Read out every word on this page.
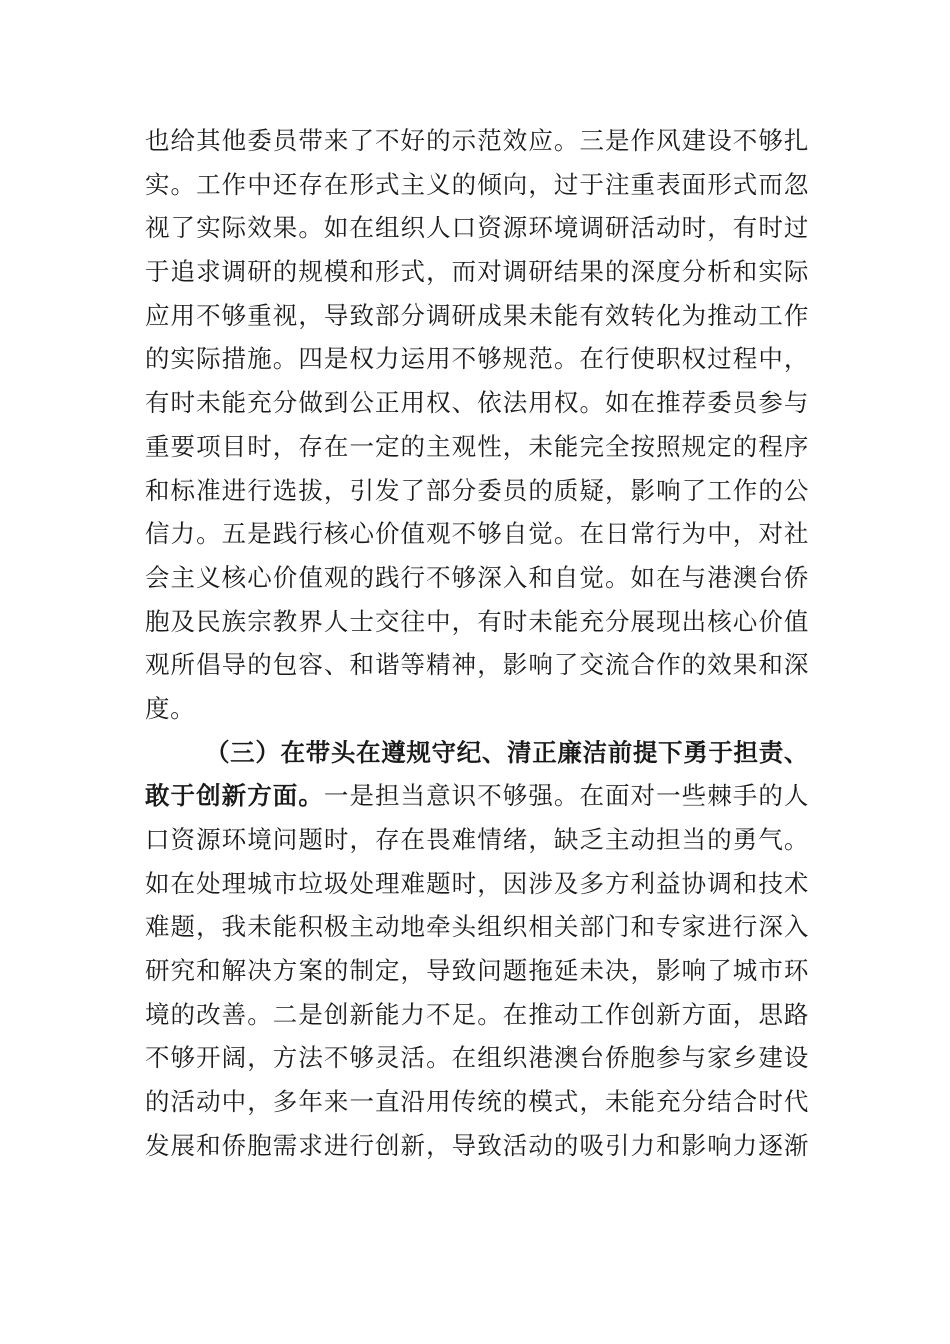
也给其他委员带来了不好的示范效应。三是作风建设不够扎
实。工作中还存在形式主义的倾向，过于注重表面形式而忽
视了实际效果。如在组织人口资源环境调研活动时，有时过
于追求调研的规模和形式，而对调研结果的深度分析和实际
应用不够重视，导致部分调研成果未能有效转化为推动工作
的实际措施。四是权力运用不够规范。在行使职权过程中，
有时未能充分做到公正用权、依法用权。如在推荐委员参与
重要项目时，存在一定的主观性，未能完全按照规定的程序
和标准进行选拔，引发了部分委员的质疑，影响了工作的公
信力。五是践行核心价值观不够自觉。在日常行为中，对社
会主义核心价值观的践行不够深入和自觉。如在与港澳台侨
胞及民族宗教界人士交往中，有时未能充分展现出核心价值
观所倡导的包容、和谐等精神，影响了交流合作的效果和深
度。
（三）在带头在遵规守纪、清正廉洁前提下勇于担责、
敢于创新方面。一是担当意识不够强。在面对一些棘手的人
口资源环境问题时，存在畏难情绪，缺乏主动担当的勇气。
如在处理城市垃圾处理难题时，因涉及多方利益协调和技术
难题，我未能积极主动地牵头组织相关部门和专家进行深入
研究和解决方案的制定，导致问题拖延未决，影响了城市环
境的改善。二是创新能力不足。在推动工作创新方面，思路
不够开阔，方法不够灵活。在组织港澳台侨胞参与家乡建设
的活动中，多年来一直沿用传统的模式，未能充分结合时代
发展和侨胞需求进行创新，导致活动的吸引力和影响力逐渐
